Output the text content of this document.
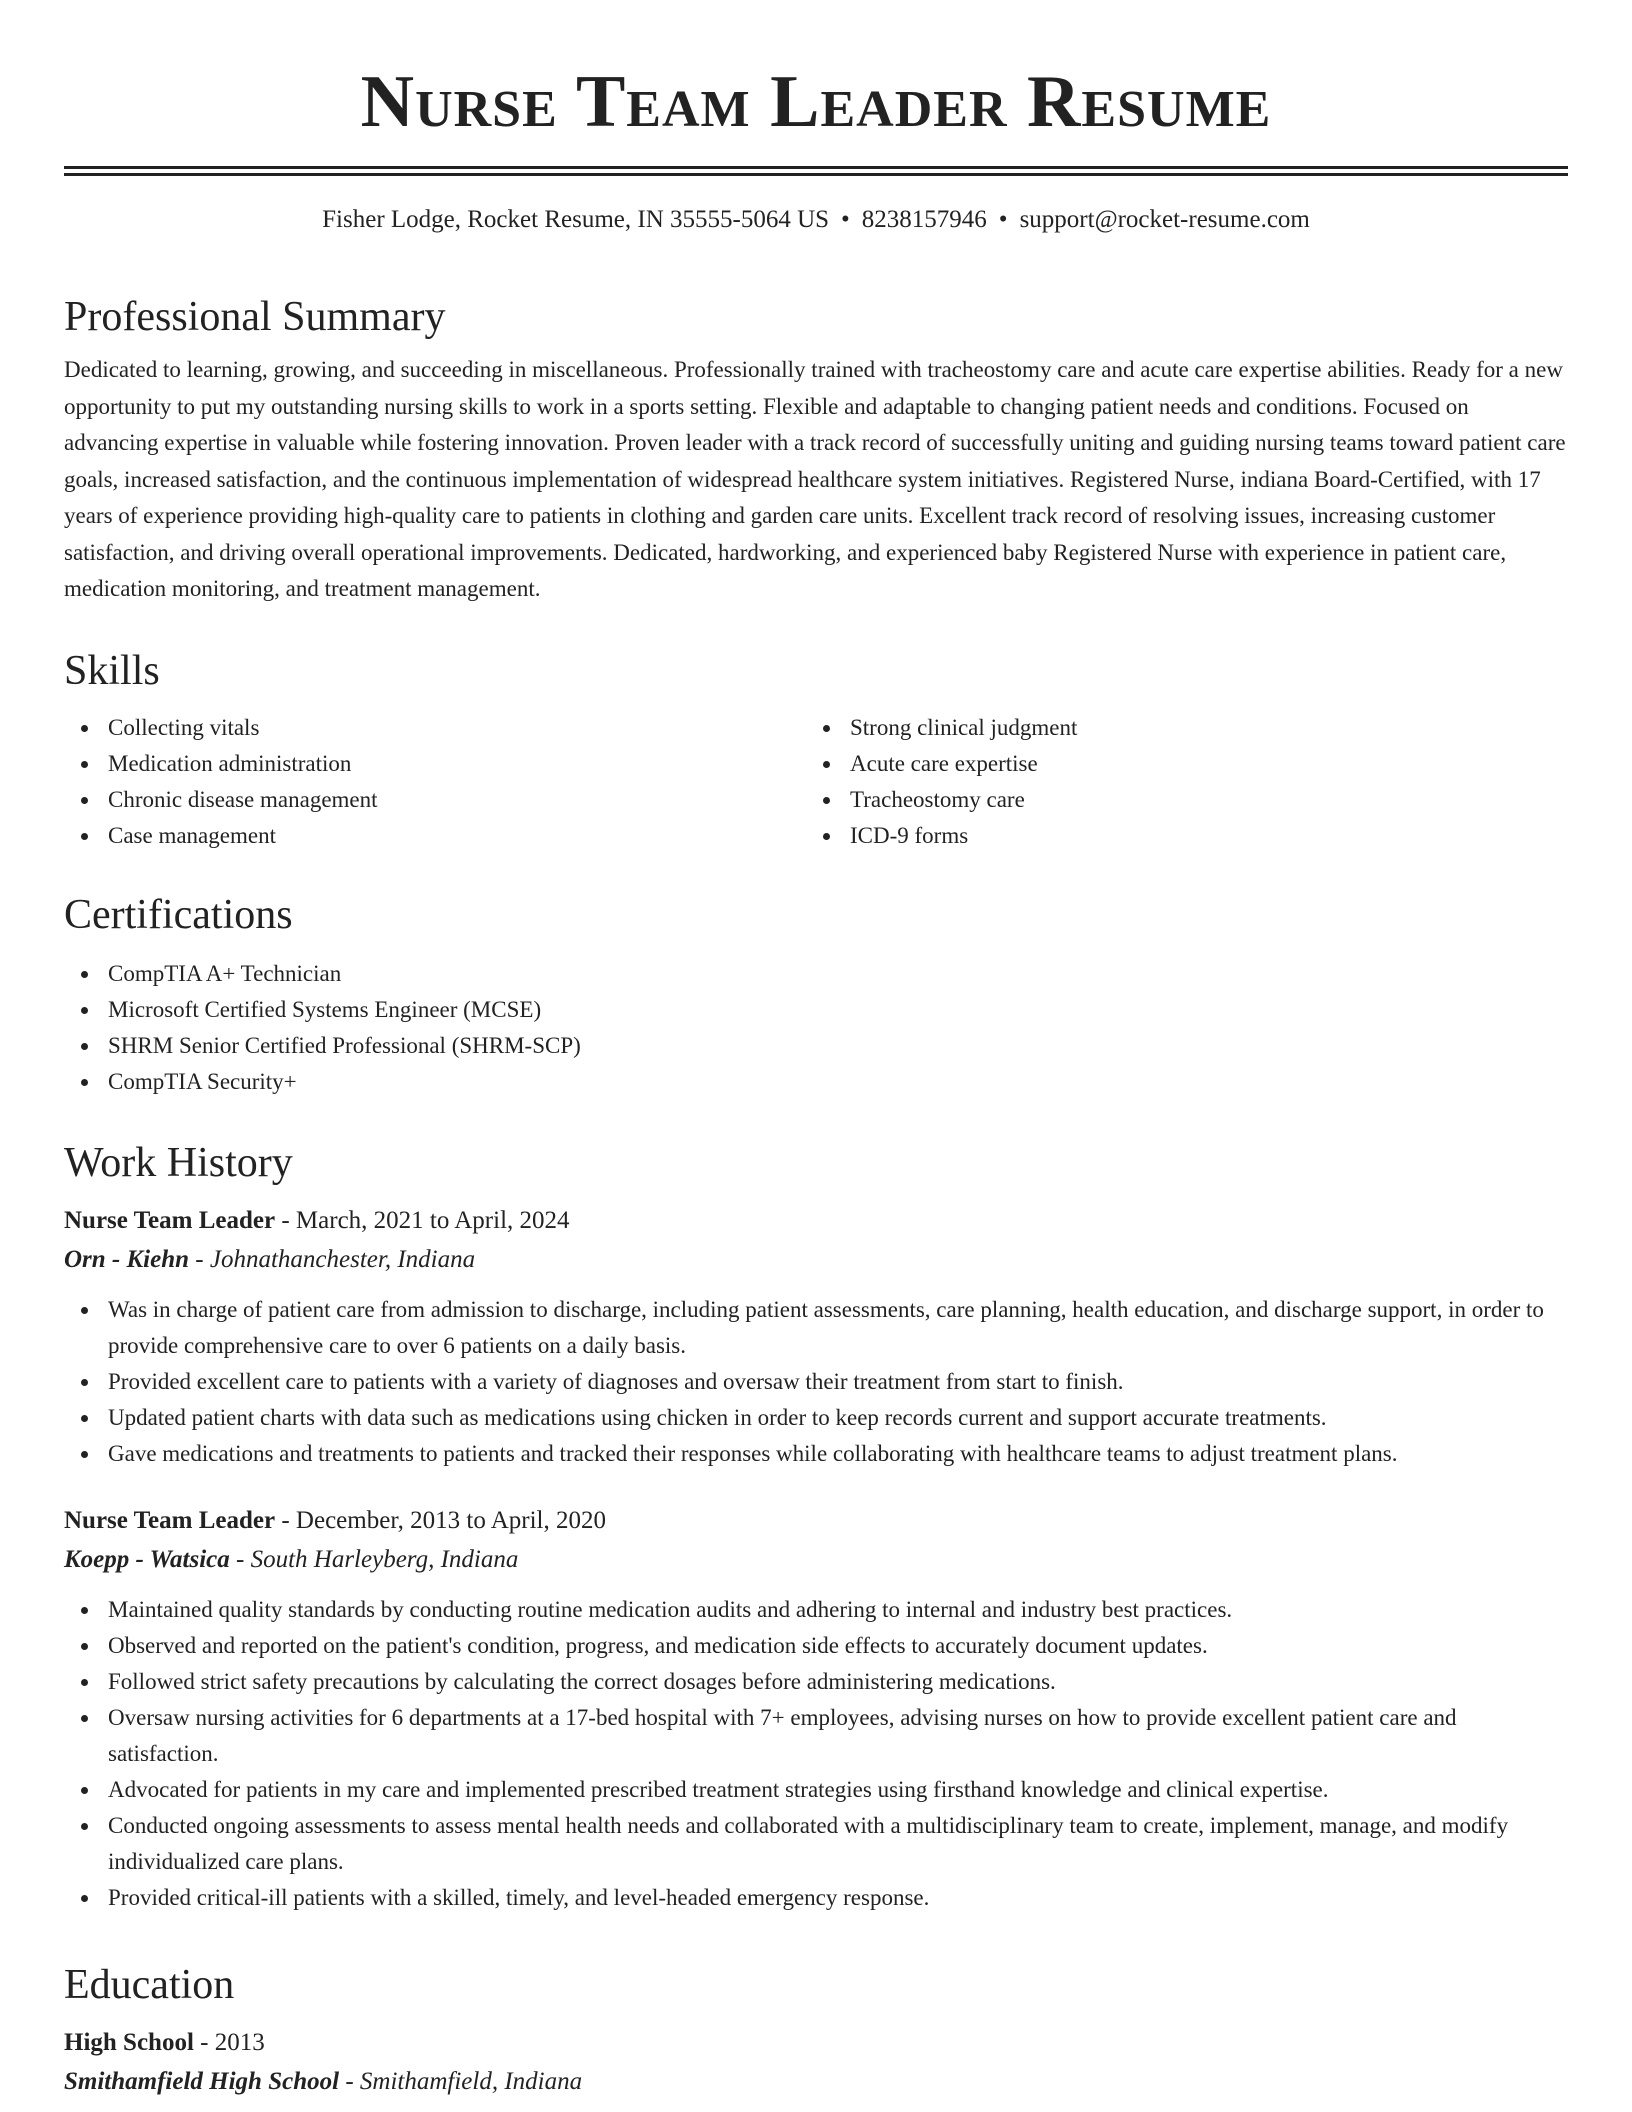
Nurse Team Leader Resume
Fisher Lodge, Rocket Resume, IN 35555-5064 US • 8238157946 • support@rocket-resume.com
Professional Summary

Dedicated to learning, growing, and succeeding in miscellaneous. Professionally trained with tracheostomy care and acute care expertise abilities. Ready for a new opportunity to put my outstanding nursing skills to work in a sports setting. Flexible and adaptable to changing patient needs and conditions. Focused on advancing expertise in valuable while fostering innovation. Proven leader with a track record of successfully uniting and guiding nursing teams toward patient care goals, increased satisfaction, and the continuous implementation of widespread healthcare system initiatives. Registered Nurse, indiana Board-Certified, with 17 years of experience providing high-quality care to patients in clothing and garden care units. Excellent track record of resolving issues, increasing customer satisfaction, and driving overall operational improvements. Dedicated, hardworking, and experienced baby Registered Nurse with experience in patient care, medication monitoring, and treatment management.

Skills
Collecting vitals
Medication administration
Chronic disease management
Case management
Strong clinical judgment
Acute care expertise
Tracheostomy care
ICD-9 forms
Certifications
CompTIA A+ Technician
Microsoft Certified Systems Engineer (MCSE)
SHRM Senior Certified Professional (SHRM-SCP)
CompTIA Security+
Work History
Nurse Team Leader - March, 2021 to April, 2024
Orn - Kiehn - Johnathanchester, Indiana
Was in charge of patient care from admission to discharge, including patient assessments, care planning, health education, and discharge support, in order to provide comprehensive care to over 6 patients on a daily basis.
Provided excellent care to patients with a variety of diagnoses and oversaw their treatment from start to finish.
Updated patient charts with data such as medications using chicken in order to keep records current and support accurate treatments.
Gave medications and treatments to patients and tracked their responses while collaborating with healthcare teams to adjust treatment plans.
Nurse Team Leader - December, 2013 to April, 2020
Koepp - Watsica - South Harleyberg, Indiana
Maintained quality standards by conducting routine medication audits and adhering to internal and industry best practices.
Observed and reported on the patient's condition, progress, and medication side effects to accurately document updates.
Followed strict safety precautions by calculating the correct dosages before administering medications.
Oversaw nursing activities for 6 departments at a 17-bed hospital with 7+ employees, advising nurses on how to provide excellent patient care and satisfaction.
Advocated for patients in my care and implemented prescribed treatment strategies using firsthand knowledge and clinical expertise.
Conducted ongoing assessments to assess mental health needs and collaborated with a multidisciplinary team to create, implement, manage, and modify individualized care plans.
Provided critical-ill patients with a skilled, timely, and level-headed emergency response.
Education
High School - 2013
Smithamfield High School - Smithamfield, Indiana
